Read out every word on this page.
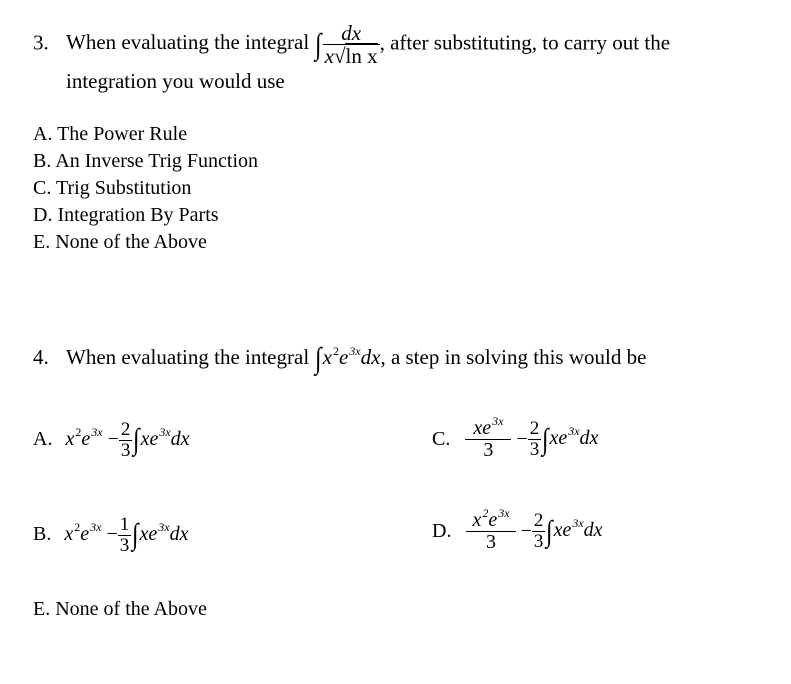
3. When evaluating the integral ∫ $\frac{dx}{\text{x√ln x}}$ , after substituting, to carry out the
integration you would use
A. The Power Rule
B. An Inverse Trig Function
C. Trig Substitution
D. Integration By Parts
E. None of the Above
4. When evaluating the integral $\int x^2e^{3x}dx$, a step in solving this would be
A. $x^2e^{3x} - \frac{2}{3} \int xe^{3x}dx$
B. $x^2e^{3x} - \frac{1}{3} \int xe^{3x}dx$
C. $\frac{xe^{3x}}{3} - \frac{2}{3} \int xe^{3x}dx$
D. $\frac{x^2e^{3x}}{3} - \frac{2}{3} \int xe^{3x}dx$
E. None of the Above
